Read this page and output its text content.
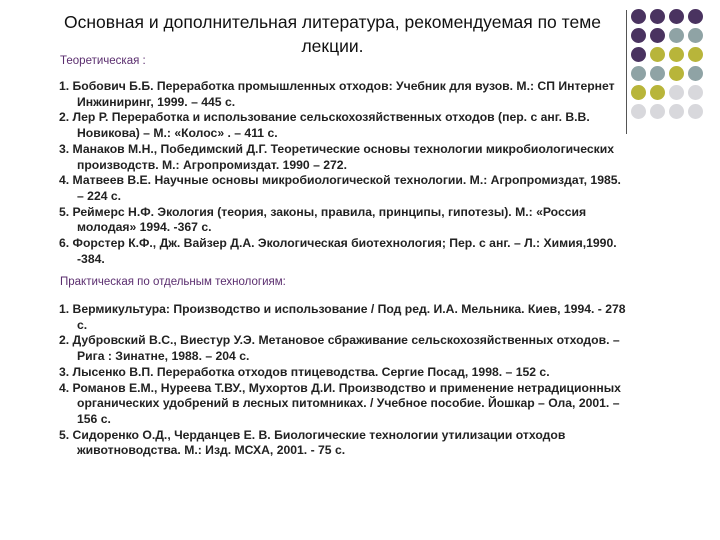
Основная и дополнительная литература, рекомендуемая по теме лекции.
Теоретическая :
1. Бобович Б.Б. Переработка промышленных отходов: Учебник для вузов. М.: СП Интернет Инжиниринг, 1999. – 445 с.
2. Лер Р. Переработка и использование сельскохозяйственных отходов (пер. с анг. В.В. Новикова) – М.: «Колос» . – 411 с.
3. Манаков М.Н., Победимский Д.Г. Теоретические основы технологии микробиологических производств. М.: Агропромиздат. 1990 – 272.
4. Матвеев В.Е. Научные основы микробиологической технологии. М.: Агропромиздат, 1985. – 224 с.
5. Реймерс Н.Ф. Экология (теория, законы, правила, принципы, гипотезы). М.: «Россия молодая» 1994. -367 с.
6. Форстер К.Ф., Дж. Вайзер Д.А. Экологическая биотехнология; Пер. с анг. – Л.: Химия,1990. -384.
Практическая по отдельным технологиям:
1. Вермикультура: Производство и использование / Под ред. И.А. Мельника. Киев, 1994. - 278 с.
2. Дубровский В.С., Виестур У.Э. Метановое сбраживание сельскохозяйственных отходов. – Рига : Зинатне, 1988. – 204 с.
3. Лысенко В.П. Переработка отходов птицеводства. Сергие Посад, 1998. – 152 с.
4. Романов Е.М., Нуреева Т.ВУ., Мухортов Д.И. Производство и применение нетрадиционных органических удобрений в лесных питомниках. / Учебное пособие. Йошкар – Ола, 2001. – 156 с.
5. Сидоренко О.Д., Черданцев Е. В. Биологические технологии утилизации отходов животноводства. М.: Изд. МСХА, 2001. - 75 с.
